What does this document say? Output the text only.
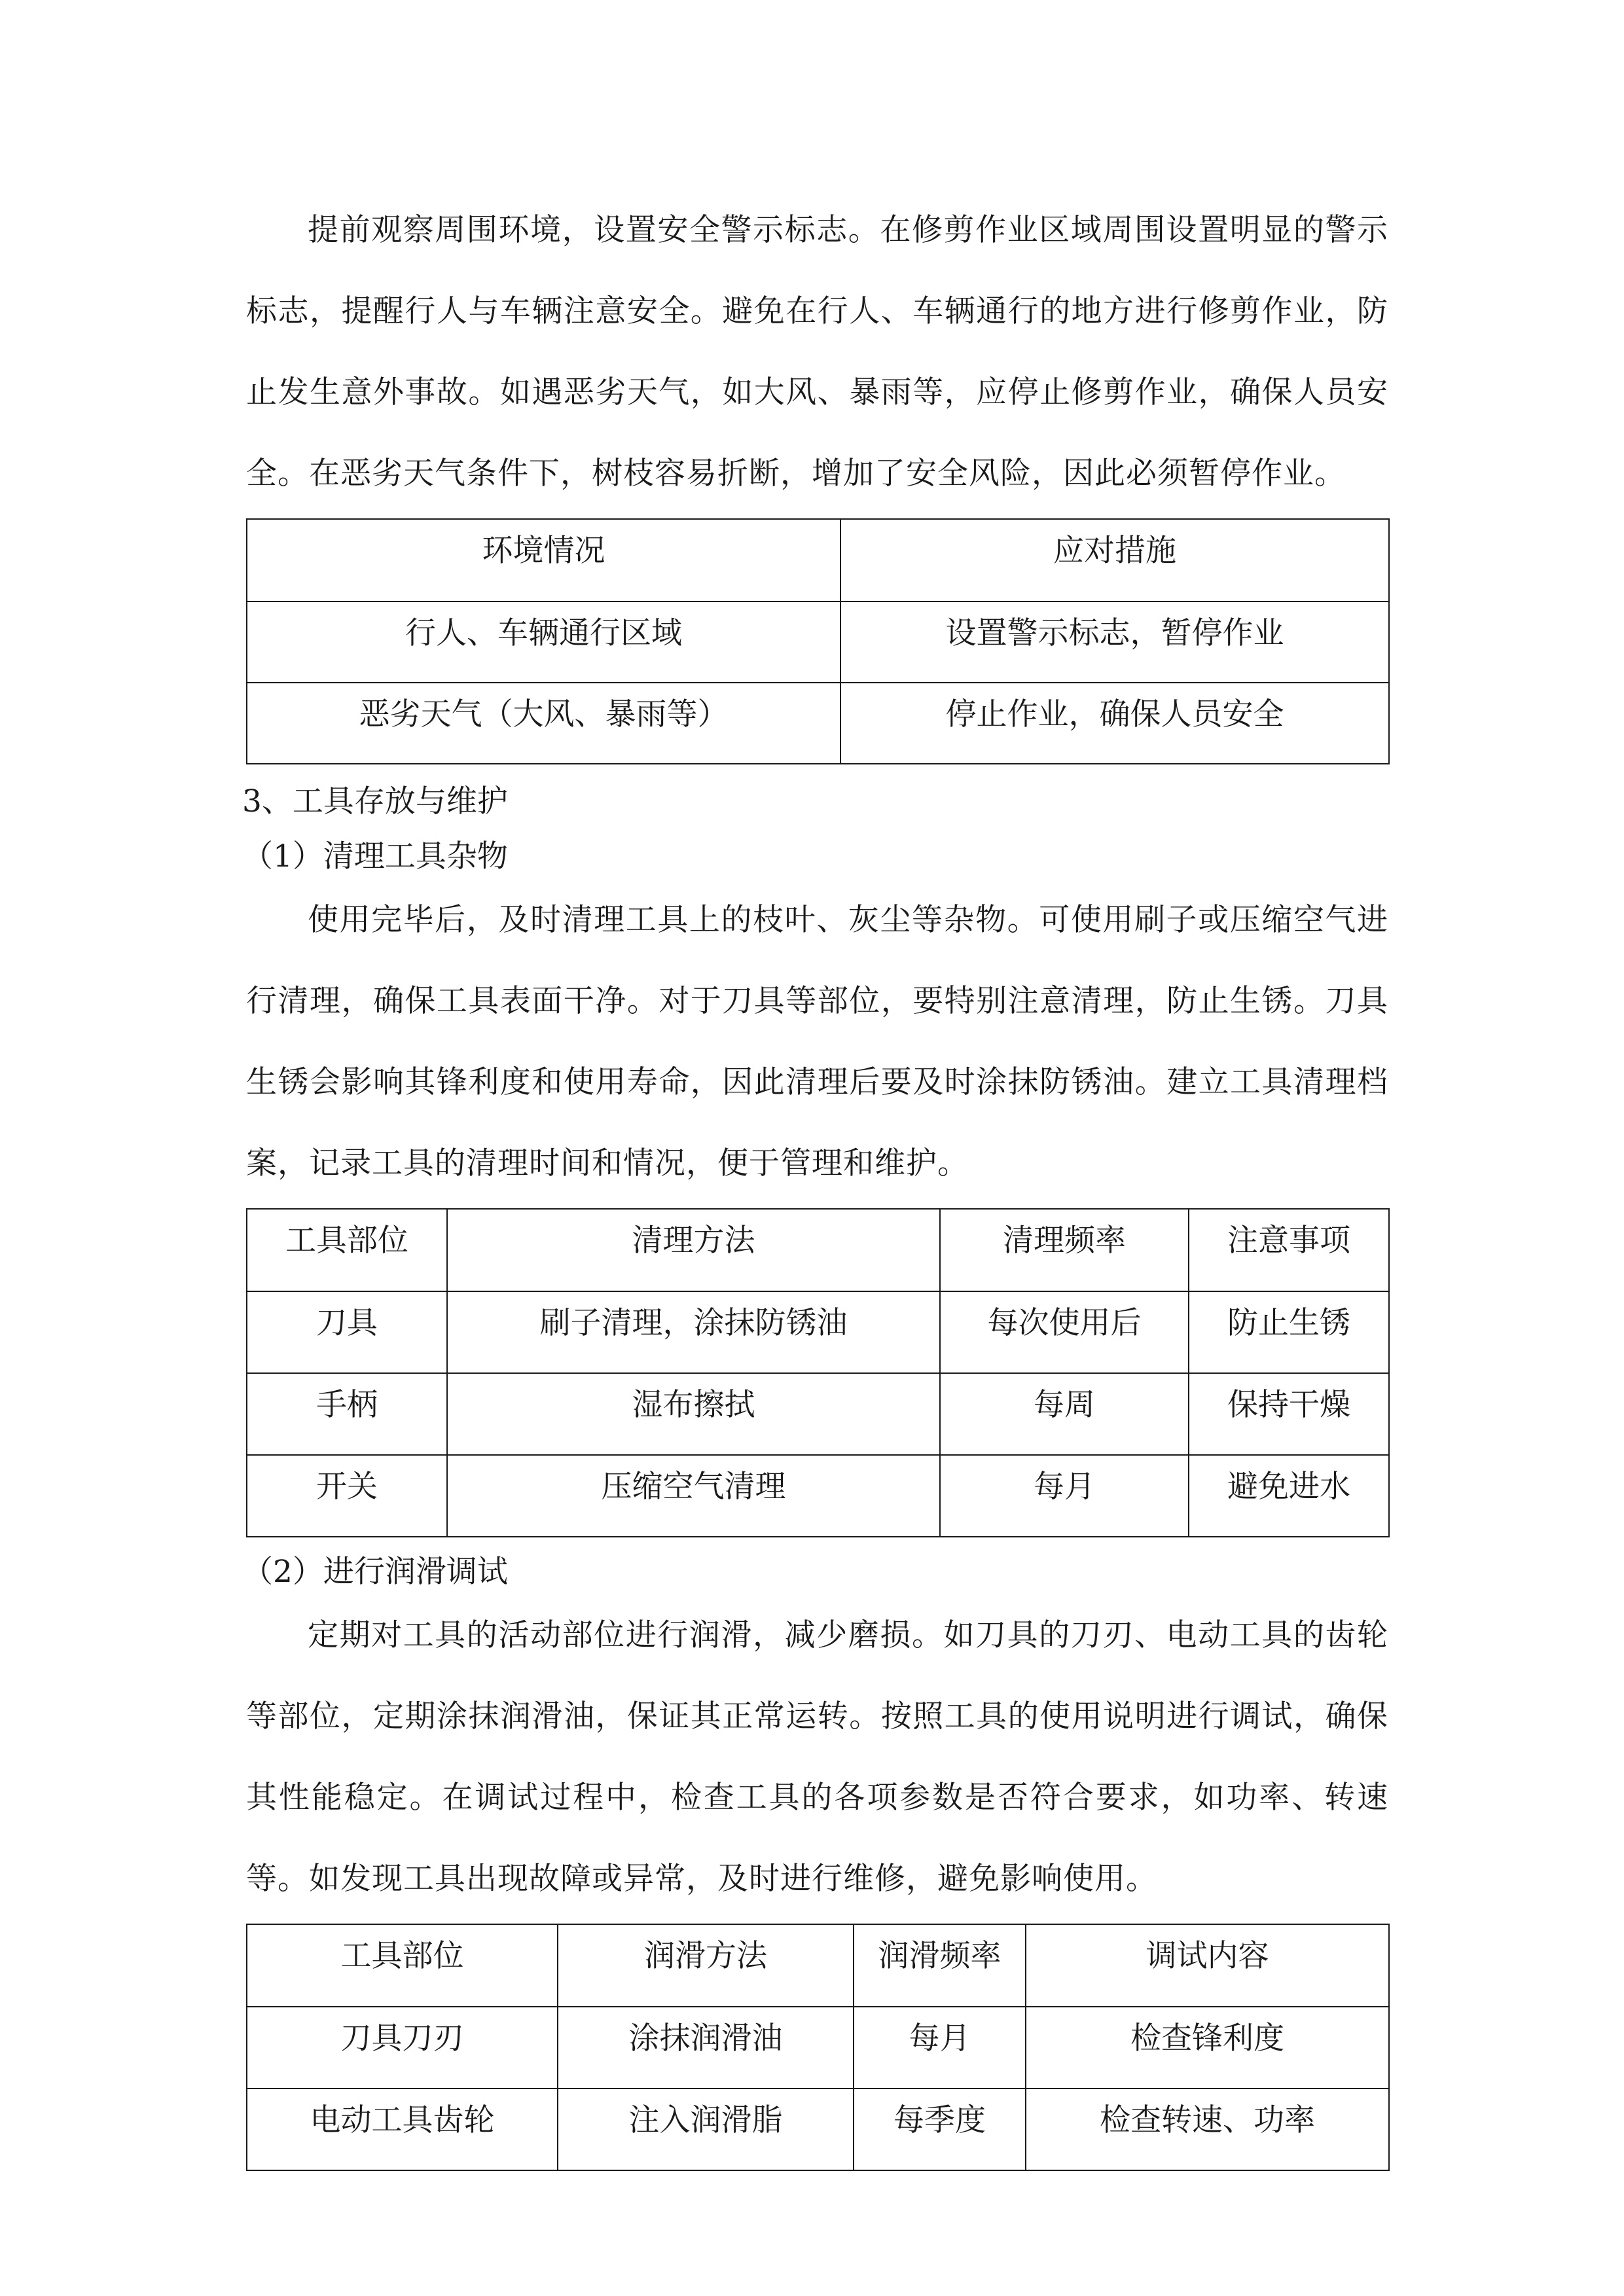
提前观察周围环境，设置安全警示标志。在修剪作业区域周围设置明显的警示标志，提醒行人与车辆注意安全。避免在行人、车辆通行的地方进行修剪作业，防止发生意外事故。如遇恶劣天气，如大风、暴雨等，应停止修剪作业，确保人员安全。在恶劣天气条件下，树枝容易折断，增加了安全风险，因此必须暂停作业。

环境情况	应对措施
行人、车辆通行区域	设置警示标志，暂停作业
恶劣天气（大风、暴雨等）	停止作业，确保人员安全
3、工具存放与维护
（1）清理工具杂物

使用完毕后，及时清理工具上的枝叶、灰尘等杂物。可使用刷子或压缩空气进行清理，确保工具表面干净。对于刀具等部位，要特别注意清理，防止生锈。刀具生锈会影响其锋利度和使用寿命，因此清理后要及时涂抹防锈油。建立工具清理档案，记录工具的清理时间和情况，便于管理和维护。

工具部位	清理方法	清理频率	注意事项
刀具	刷子清理，涂抹防锈油	每次使用后	防止生锈
手柄	湿布擦拭	每周	保持干燥
开关	压缩空气清理	每月	避免进水
（2）进行润滑调试

定期对工具的活动部位进行润滑，减少磨损。如刀具的刀刃、电动工具的齿轮等部位，定期涂抹润滑油，保证其正常运转。按照工具的使用说明进行调试，确保其性能稳定。在调试过程中，检查工具的各项参数是否符合要求，如功率、转速等。如发现工具出现故障或异常，及时进行维修，避免影响使用。

工具部位	润滑方法	润滑频率	调试内容
刀具刀刃	涂抹润滑油	每月	检查锋利度
电动工具齿轮	注入润滑脂	每季度	检查转速、功率
